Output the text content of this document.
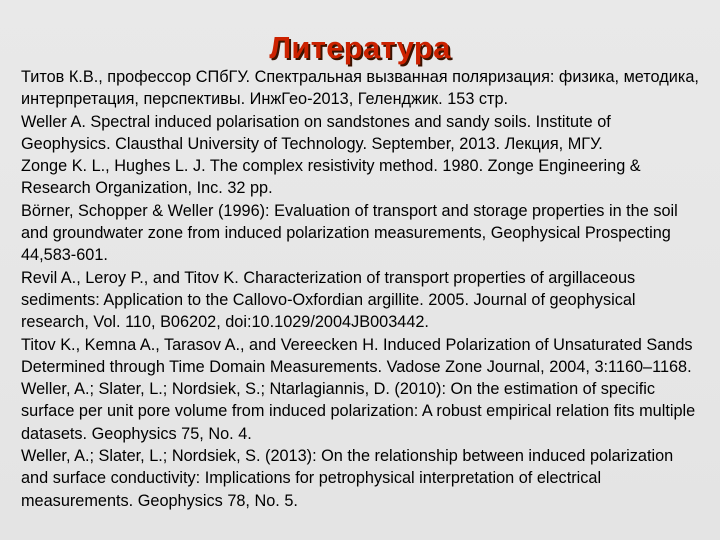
Литература

Титов К.В., профессор СПбГУ. Спектральная вызванная поляризация: физика, методика, интерпретация, перспективы. ИнжГео-2013, Геленджик. 153 стр.

Weller A. Spectral induced polarisation on sandstones and sandy soils. Institute of Geophysics. Clausthal University of Technology. September, 2013. Лекция, МГУ.

Zonge K. L., Hughes L. J. The complex resistivity method. 1980. Zonge Engineering & Research Organization, Inc. 32 pp.

Börner, Schopper & Weller (1996): Evaluation of transport and storage properties in the soil and groundwater zone from induced polarization measurements, Geophysical Prospecting 44,583-601.

Revil A., Leroy P., and Titov K. Characterization of transport properties of argillaceous sediments: Application to the Callovo-Oxfordian argillite. 2005. Journal of geophysical research, Vol. 110, B06202, doi:10.1029/2004JB003442.

Titov K., Kemna A., Tarasov A., and Vereecken H. Induced Polarization of Unsaturated Sands Determined through Time Domain Measurements. Vadose Zone Journal, 2004, 3:1160–1168.

Weller, A.; Slater, L.; Nordsiek, S.; Ntarlagiannis, D. (2010): On the estimation of specific surface per unit pore volume from induced polarization: A robust empirical relation fits multiple datasets. Geophysics 75, No. 4.

Weller, A.; Slater, L.; Nordsiek, S. (2013): On the relationship between induced polarization and surface conductivity: Implications for petrophysical interpretation of electrical measurements. Geophysics 78, No. 5.
